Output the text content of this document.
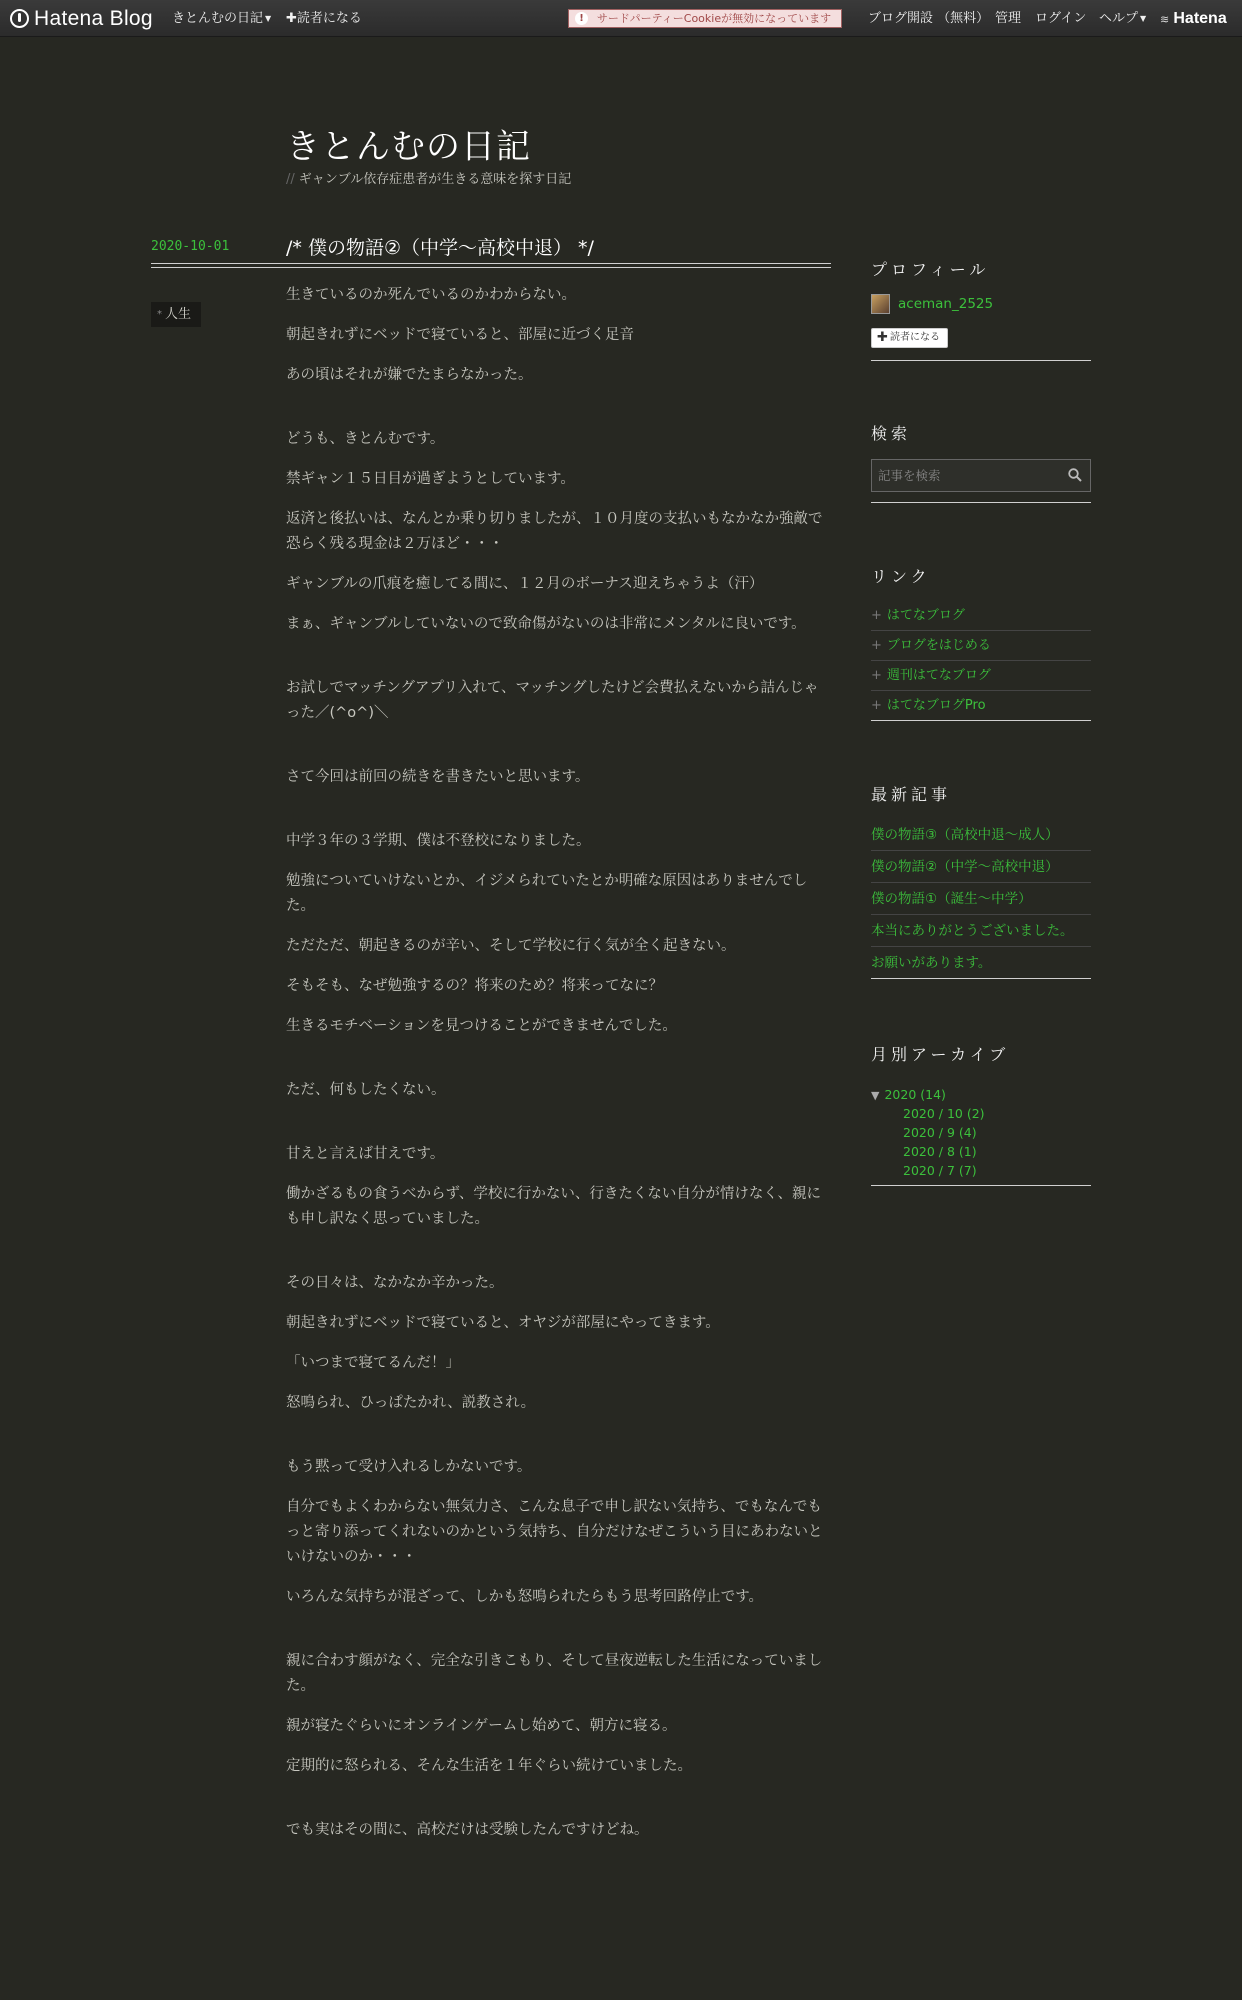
Hatena Blog きとんむの日記 ▼ ✚読者になる	!	サードパーティーCookieが無効になっています	ブログ開設 （無料） 管理 ログイン ヘルプ ▼ ≋ Hatena
きとんむの日記
// ギャンブル依存症患者が生きる意味を探す日記
2020-10-01	/* 僕の物語②（中学～高校中退） */
* 人生

生きているのか死んでいるのかわからない。

朝起きれずにベッドで寝ていると、部屋に近づく足音

あの頃はそれが嫌でたまらなかった。

どうも、きとんむです。

禁ギャン１５日目が過ぎようとしています。

返済と後払いは、なんとか乗り切りましたが、１０月度の支払いもなかなか強敵で恐らく残る現金は２万ほど・・・

ギャンブルの爪痕を癒してる間に、１２月のボーナス迎えちゃうよ（汗）

まぁ、ギャンブルしていないので致命傷がないのは非常にメンタルに良いです。

お試しでマッチングアプリ入れて、マッチングしたけど会費払えないから詰んじゃった／(^o^)＼

さて今回は前回の続きを書きたいと思います。

中学３年の３学期、僕は不登校になりました。

勉強についていけないとか、イジメられていたとか明確な原因はありませんでした。

ただただ、朝起きるのが辛い、そして学校に行く気が全く起きない。

そもそも、なぜ勉強するの？将来のため？将来ってなに？

生きるモチベーションを見つけることができませんでした。

ただ、何もしたくない。

甘えと言えば甘えです。

働かざるもの食うべからず、学校に行かない、行きたくない自分が情けなく、親にも申し訳なく思っていました。

その日々は、なかなか辛かった。

朝起きれずにベッドで寝ていると、オヤジが部屋にやってきます。

「いつまで寝てるんだ！」

怒鳴られ、ひっぱたかれ、説教され。

もう黙って受け入れるしかないです。

自分でもよくわからない無気力さ、こんな息子で申し訳ない気持ち、でもなんでもっと寄り添ってくれないのかという気持ち、自分だけなぜこういう目にあわないといけないのか・・・

いろんな気持ちが混ざって、しかも怒鳴られたらもう思考回路停止です。

親に合わす顔がなく、完全な引きこもり、そして昼夜逆転した生活になっていました。

親が寝たぐらいにオンラインゲームし始めて、朝方に寝る。

定期的に怒られる、そんな生活を１年ぐらい続けていました。

でも実はその間に、高校だけは受験したんですけどね。

プロフィール
aceman_2525
✚ 読者になる
検索
記事を検索
リンク
+ はてなブログ
+ ブログをはじめる
+ 週刊はてなブログ
+ はてなブログPro
最新記事
僕の物語③（高校中退～成人）
僕の物語②（中学～高校中退）
僕の物語①（誕生～中学）
本当にありがとうございました。
お願いがあります。
月別アーカイブ
▼ 2020 (14)
2020 / 10 (2)
2020 / 9 (4)
2020 / 8 (1)
2020 / 7 (7)
